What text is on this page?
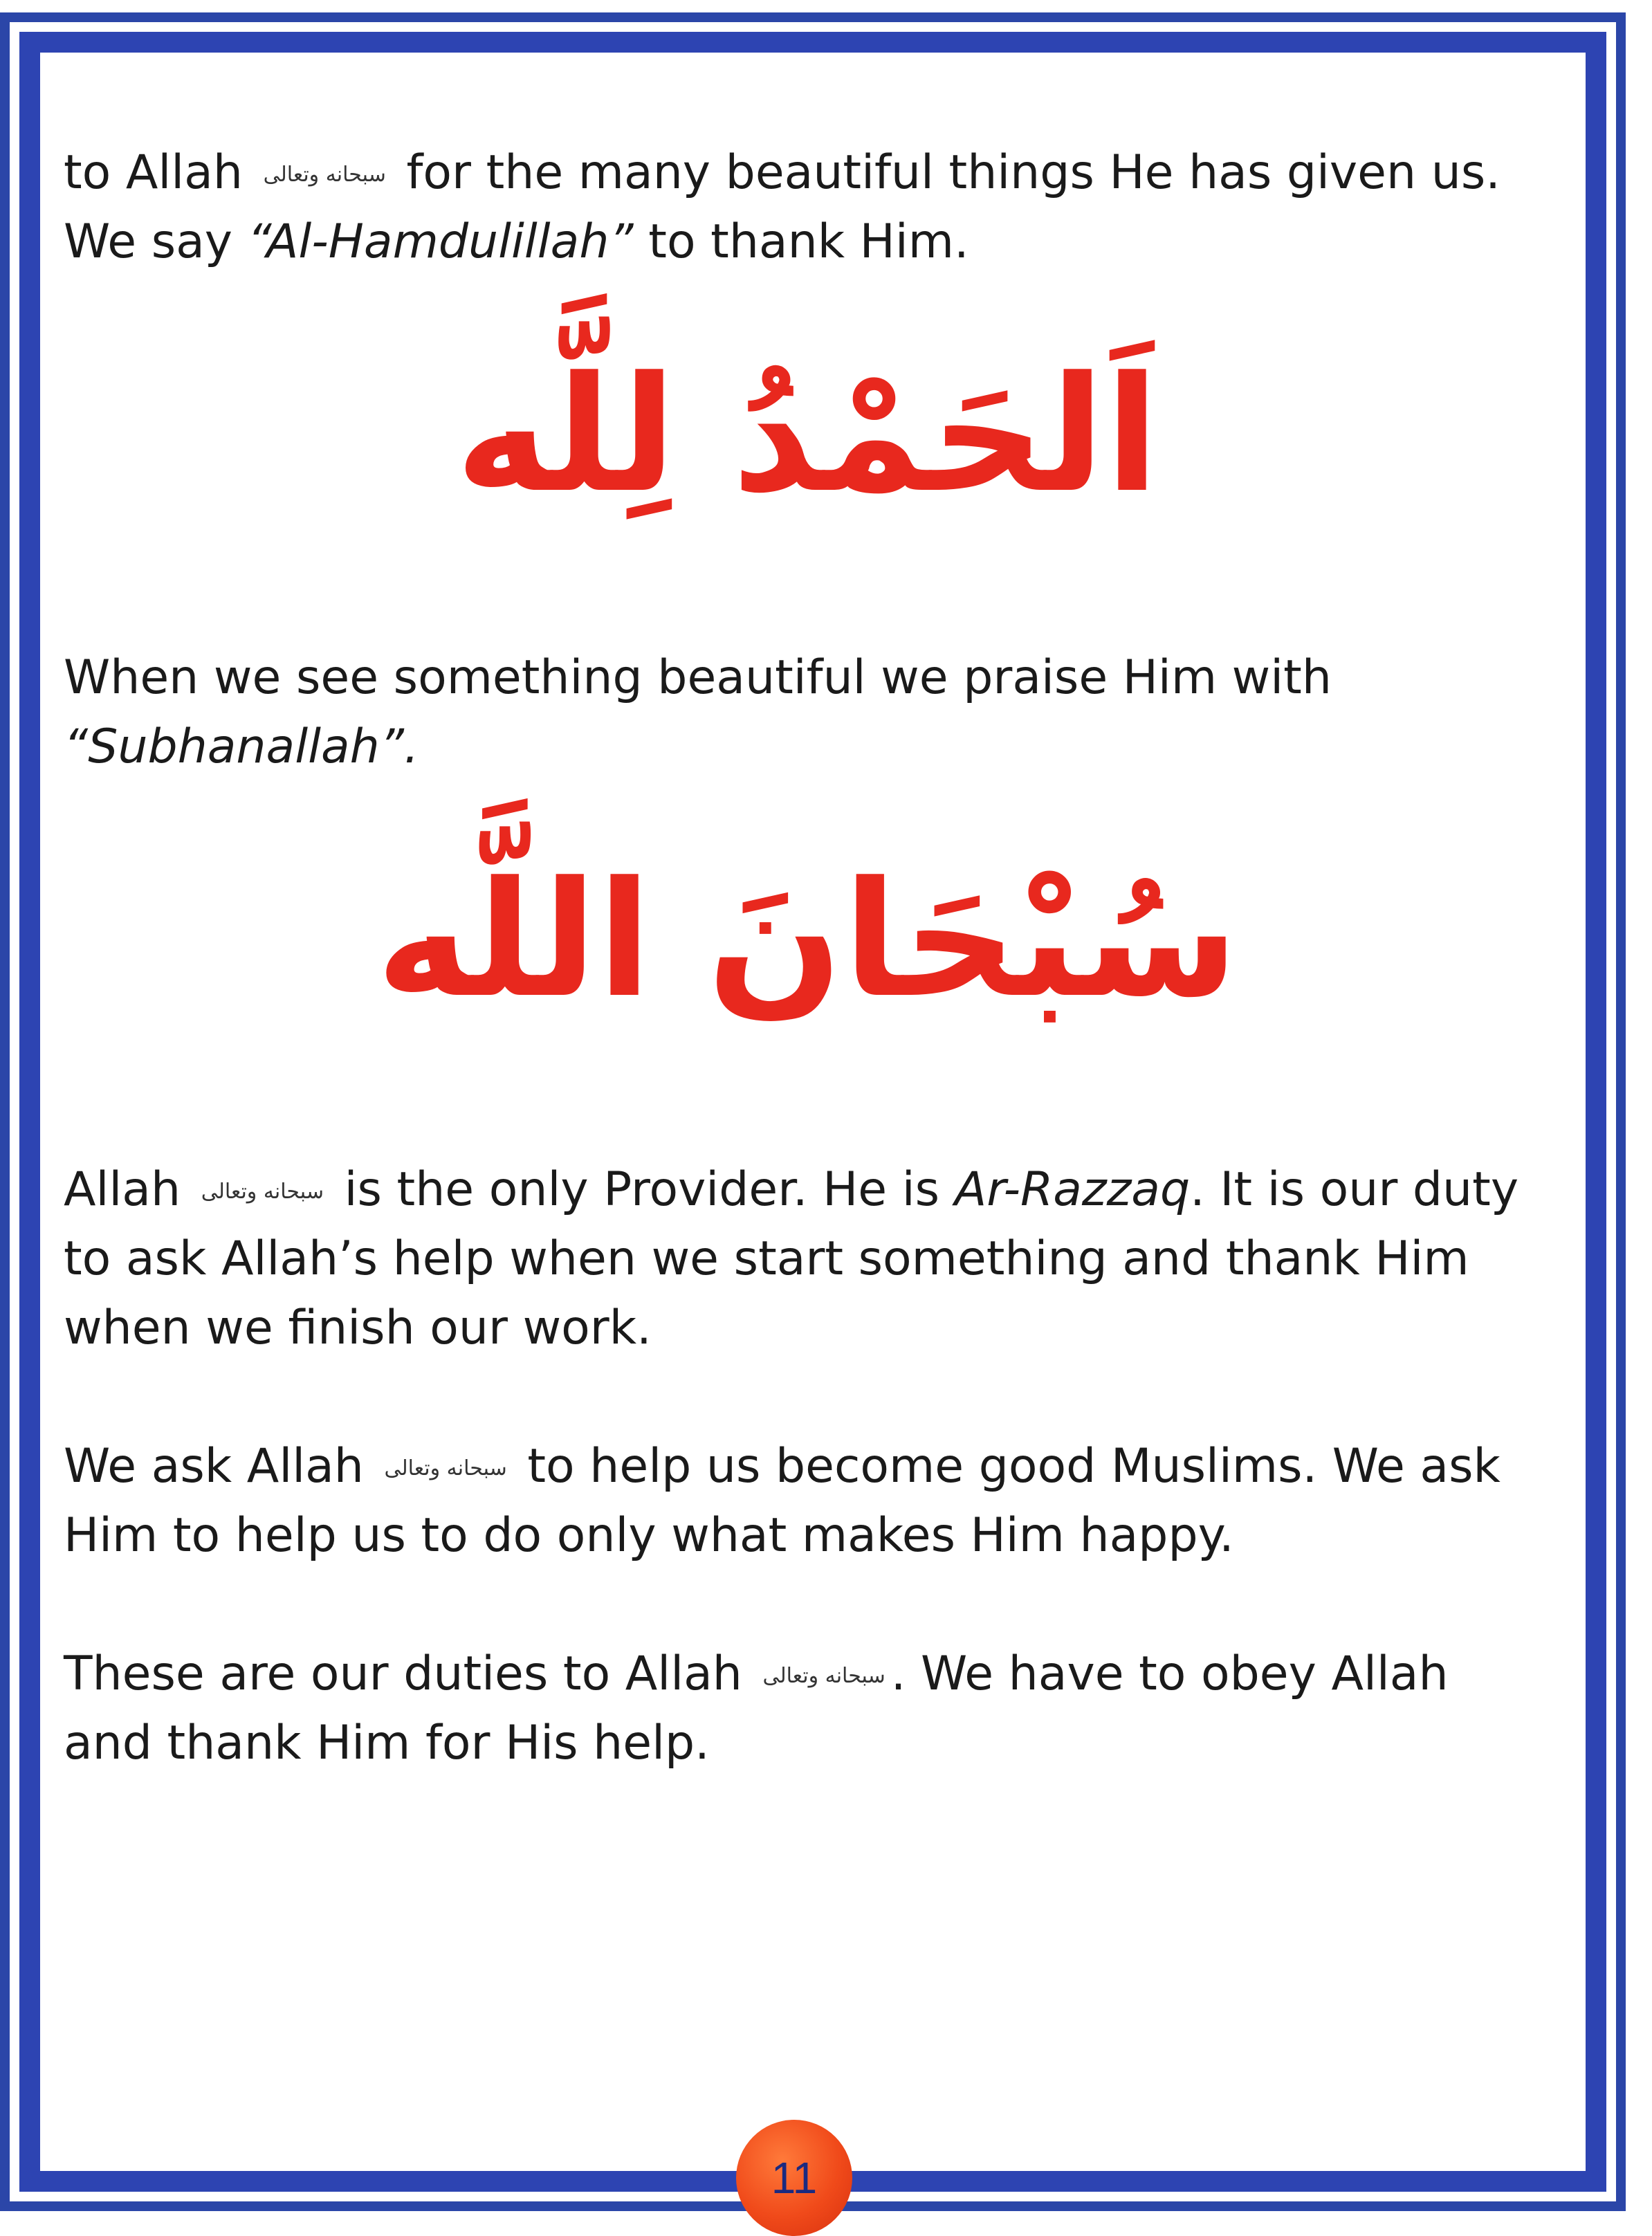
to Allah سبحانه وتعالى for the many beautiful things He has given us. We say “Al-Hamdulillah” to thank Him.

اَلحَمْدُ لِلَّه

When we see something beautiful we praise Him with
“Subhanallah”.

سُبْحَانَ اللَّه

Allah سبحانه وتعالى is the only Provider. He is Ar-Razzaq. It is our duty to ask Allah’s help when we start something and thank Him when we finish our work.

We ask Allah سبحانه وتعالى to help us become good Muslims. We ask Him to help us to do only what makes Him happy.

These are our duties to Allah سبحانه وتعالى . We have to obey Allah and thank Him for His help.

11
